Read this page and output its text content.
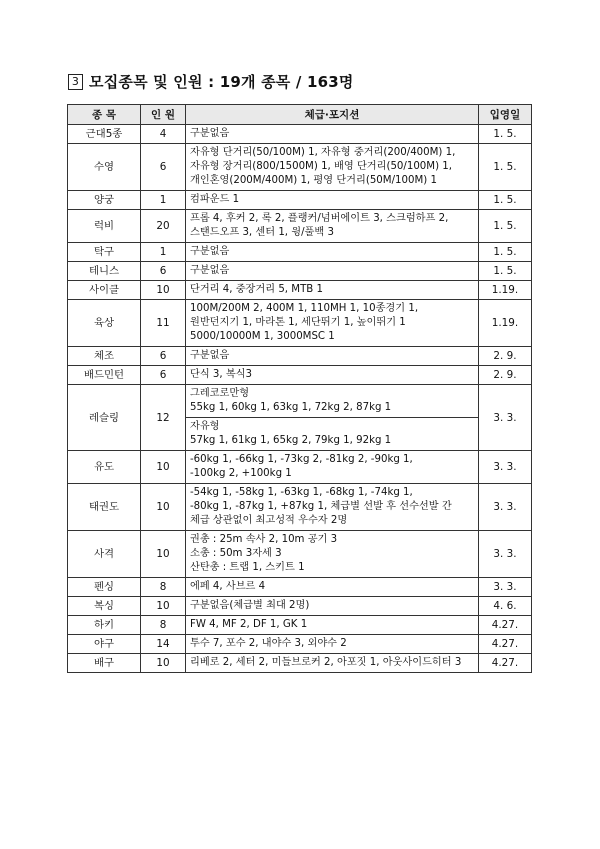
3 모집종목 및 인원 : 19개 종목 / 163명
종 목	인 원	체급·포지션	입영일
근대5종	4	구분없음	1. 5.
수영	6	자유형 단거리(50/100M) 1, 자유형 중거리(200/400M) 1,
자유형 장거리(800/1500M) 1, 배영 단거리(50/100M) 1,
개인혼영(200M/400M) 1, 평영 단거리(50M/100M) 1	1. 5.
양궁	1	컴파운드 1	1. 5.
럭비	20	프롭 4, 후커 2, 록 2, 플랭커/넘버에이트 3, 스크럼하프 2,
스탠드오프 3, 센터 1, 윙/풀백 3	1. 5.
탁구	1	구분없음	1. 5.
테니스	6	구분없음	1. 5.
사이클	10	단거리 4, 중장거리 5, MTB 1	1.19.
육상	11	100M/200M 2, 400M 1, 110MH 1, 10종경기 1,
원반던지기 1, 마라톤 1, 세단뛰기 1, 높이뛰기 1
5000/10000M 1, 3000MSC 1	1.19.
체조	6	구분없음	2. 9.
배드민턴	6	단식 3, 복식3	2. 9.
레슬링	12	그레코로만형
55kg 1, 60kg 1, 63kg 1, 72kg 2, 87kg 1
자유형
57kg 1, 61kg 1, 65kg 2, 79kg 1, 92kg 1	3. 3.
유도	10	-60kg 1, -66kg 1, -73kg 2, -81kg 2, -90kg 1,
-100kg 2, +100kg 1	3. 3.
태권도	10	-54kg 1, -58kg 1, -63kg 1, -68kg 1, -74kg 1,
-80kg 1, -87kg 1, +87kg 1, 체급별 선발 후 선수선발 간
체급 상관없이 최고성적 우수자 2명	3. 3.
사격	10	권총 : 25m 속사 2, 10m 공기 3
소총 : 50m 3자세 3
산탄총 : 트랩 1, 스키트 1	3. 3.
펜싱	8	에페 4, 사브르 4	3. 3.
복싱	10	구분없음(체급별 최대 2명)	4. 6.
하키	8	FW 4, MF 2, DF 1, GK 1	4.27.
야구	14	투수 7, 포수 2, 내야수 3, 외야수 2	4.27.
배구	10	리베로 2, 세터 2, 미들브로커 2, 아포짓 1, 아웃사이드히터 3	4.27.
